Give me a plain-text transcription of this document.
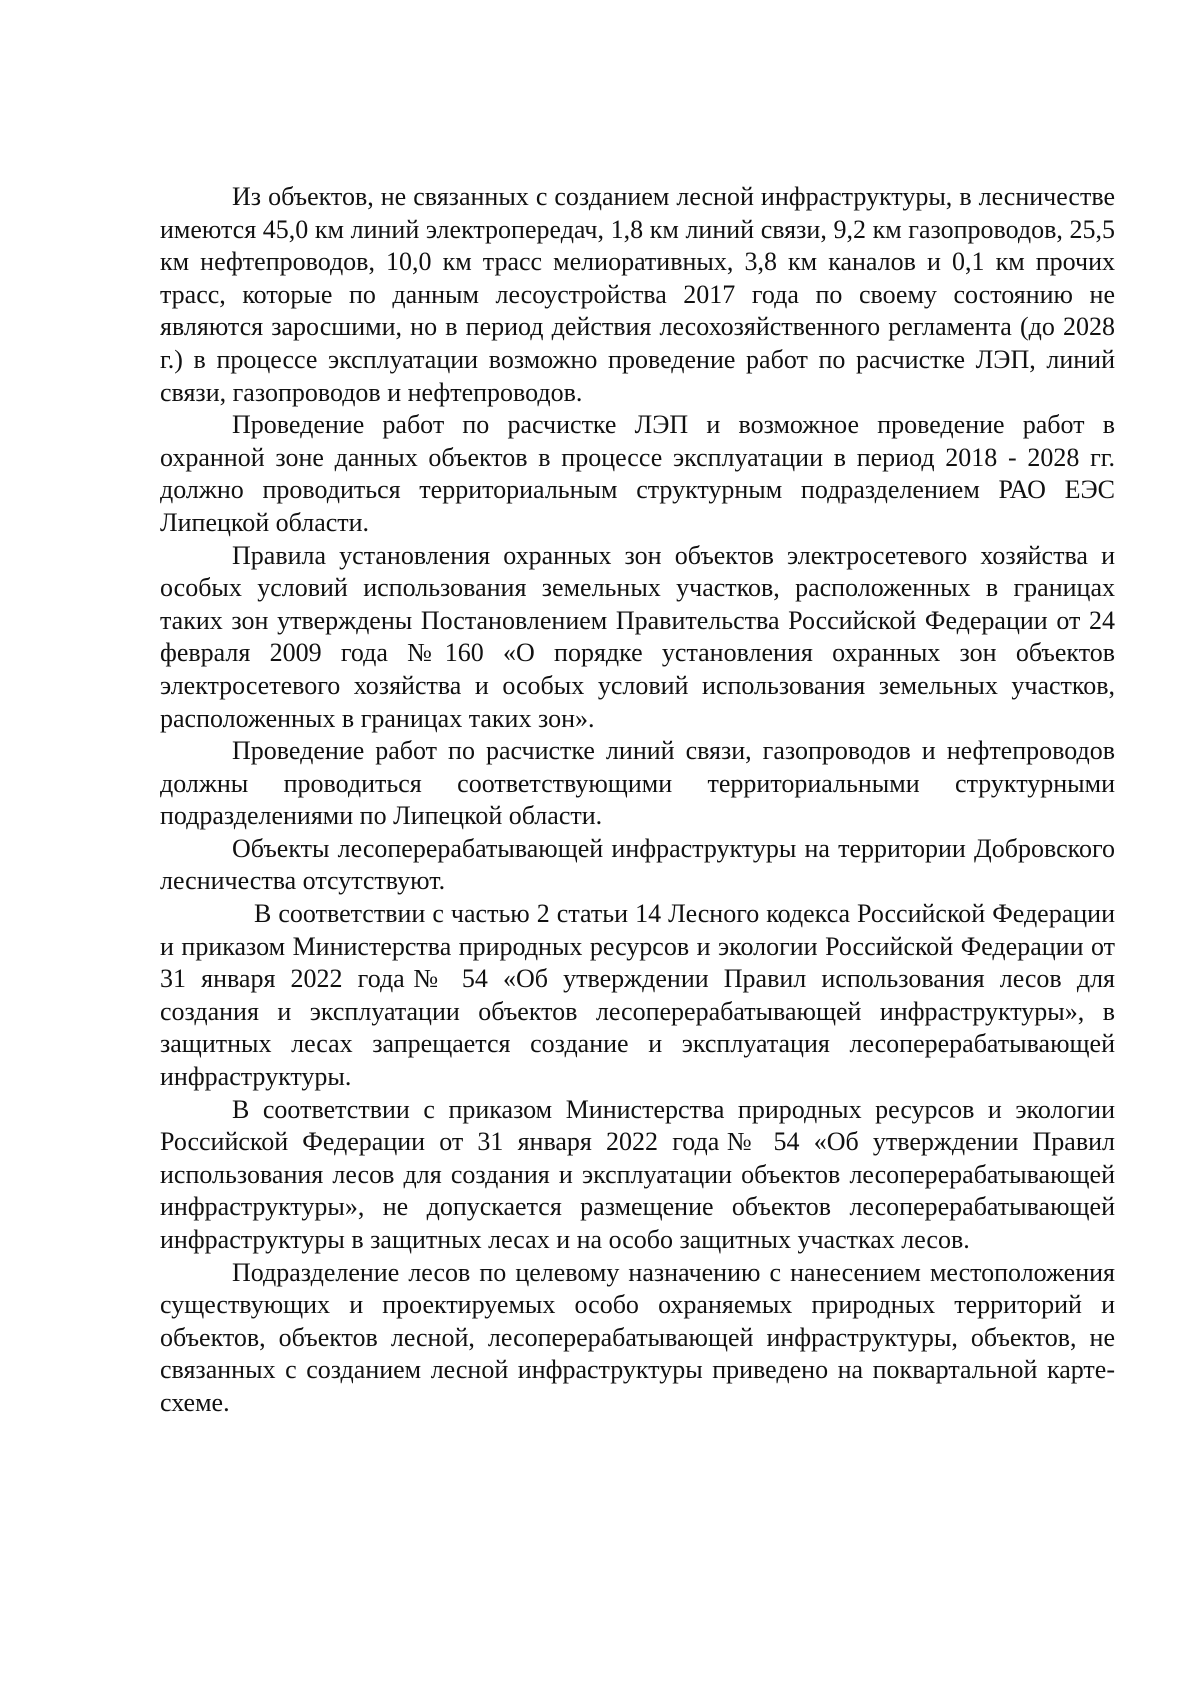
Из объектов, не связанных с созданием лесной инфраструктуры, в лесничестве имеются 45,0 км линий электропередач, 1,8 км линий связи, 9,2 км газопроводов, 25,5 км нефтепроводов, 10,0 км трасс мелиоративных, 3,8 км каналов и 0,1 км прочих трасс, которые по данным лесоустройства 2017 года по своему состоянию не являются заросшими, но в период действия лесохозяйственного регламента (до 2028 г.) в процессе эксплуатации возможно проведение работ по расчистке ЛЭП, линий связи, газопроводов и нефтепроводов.

Проведение работ по расчистке ЛЭП и возможное проведение работ в охранной зоне данных объектов в процессе эксплуатации в период 2018 - 2028 гг. должно проводиться территориальным структурным подразделением РАО ЕЭС Липецкой области.

Правила установления охранных зон объектов электросетевого хозяйства и особых условий использования земельных участков, расположенных в границах таких зон утверждены Постановлением Правительства Российской Федерации от 24 февраля 2009 года №160 «О порядке установления охранных зон объектов электросетевого хозяйства и особых условий использования земельных участков, расположенных в границах таких зон».

Проведение работ по расчистке линий связи, газопроводов и нефтепроводов должны проводиться соответствующими территориальными структурными подразделениями по Липецкой области.

Объекты лесоперерабатывающей инфраструктуры на территории Добровского лесничества отсутствуют.

В соответствии с частью 2 статьи 14 Лесного кодекса Российской Федерации и приказом Министерства природных ресурсов и экологии Российской Федерации от 31 января 2022 года№ 54 «Об утверждении Правил использования лесов для создания и эксплуатации объектов лесоперерабатывающей инфраструктуры», в защитных лесах запрещается создание и эксплуатация лесоперерабатывающей инфраструктуры.

В соответствии с приказом Министерства природных ресурсов и экологии Российской Федерации от 31 января 2022 года№ 54 «Об утверждении Правил использования лесов для создания и эксплуатации объектов лесоперерабатывающей инфраструктуры», не допускается размещение объектов лесоперерабатывающей инфраструктуры в защитных лесах и на особо защитных участках лесов.

Подразделение лесов по целевому назначению с нанесением местоположения существующих и проектируемых особо охраняемых природных территорий и объектов, объектов лесной, лесоперерабатывающей инфраструктуры, объектов, не связанных с созданием лесной инфраструктуры приведено на поквартальной карте-схеме.
